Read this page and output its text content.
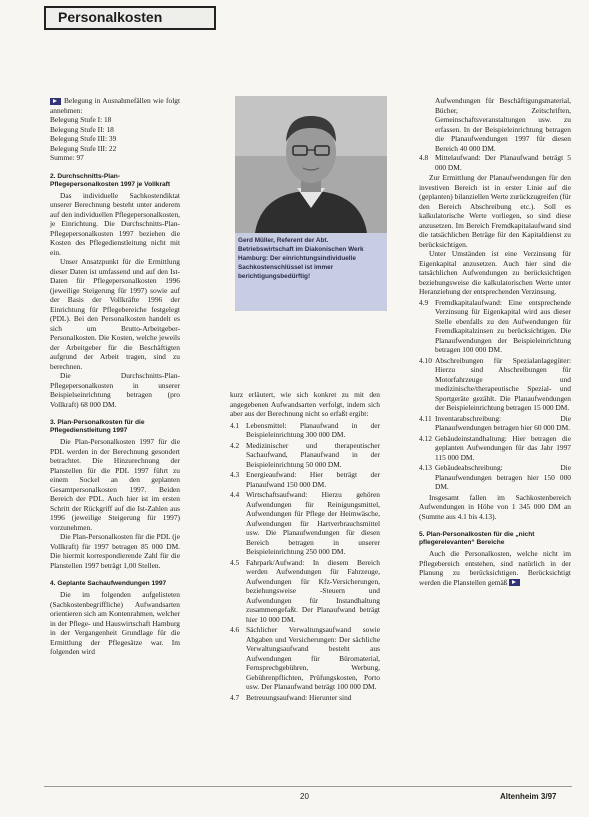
Personalkosten

Belegung in Ausnahmefällen wie folgt annehmen:

Belegung Stufe I: 18
Belegung Stufe II: 18
Belegung Stufe III: 39
Belegung Stufe III: 22
Summe: 97
2. Durchschnitts-Plan-Pflegepersonalkosten 1997 je Vollkraft

Das individuelle Sachkostendiktat unserer Berechnung besteht unter anderem auf den individuellen Pflegepersonalkosten, je Einrichtung. Die Durchschnitts-Plan-Pflegepersonalkosten 1997 beziehen die Kosten des Pflegedienstleitung nicht mit ein.

Unser Ansatzpunkt für die Ermittlung dieser Daten ist umfassend und auf den Ist-Daten für Pflegepersonalkosten 1996 (jeweilige Steigerung für 1997) sowie auf der Basis der Vollkräfte 1996 der Einrichtung für Pflegebereiche festgelegt (PDL). Bei den Personalkosten handelt es sich um Brutto-Arbeitgeber-Personalkosten. Die Kosten, welche jeweils der Arbeitgeber für die Beschäftigten aufgrund der Arbeit tragen, sind zu berechnen.

Die Durchschnitts-Plan-Pflegepersonalkosten in unserer Beispielseinrichtung betragen (pro Vollkraft) 68 000 DM.

3. Plan-Personalkosten für die Pflegedienstleitung 1997

Die Plan-Personalkosten 1997 für die PDL werden in der Berechnung gesondert betrachtet. Die Hinzurechnung der Planstellen für die PDL 1997 führt zu einem Sockel an den geplanten Gesamtpersonalkosten 1997. Beiden Bereich der PDL. Auch hier ist im ersten Schritt der Rückgriff auf die Ist-Zahlen aus 1996 (jeweilige Steigerung für 1997) vorzunehmen.

Die Plan-Personalkosten für die PDL (je Vollkraft) für 1997 betragen 85 000 DM. Die hiermit korrespondierende Zahl für die Planstellen 1997 beträgt 1,00 Stellen.

4. Geplante Sachaufwendungen 1997

Die im folgenden aufgelisteten (Sachkostenbegriffliche) Aufwandsarten orientieren sich am Kontenrahmen, welcher in der Pflege- und Hauswirtschaft Hamburg in der Vergangenheit Grundlage für die Ermittlung der Pflegesätze war. Im folgenden wird

Gerd Müller, Referent der Abt. Betriebswirtschaft im Diakonischen Werk Hamburg: Der einrichtungsindividuelle Sachkostenschlüssel ist immer berichtigungsbedürftig!

kurz erläutert, wie sich konkret zu mit den angegebenen Aufwandsarten verfolgt, indem sich aber aus der Berechnung nicht so erfaßt ergibt:

4.1 Lebensmittel: Planaufwand in der Beispieleinrichtung 300 000 DM.
4.2 Medizinischer und therapeutischer Sachaufwand, Planaufwand in der Beispieleinrichtung 50 000 DM.
4.3 Energieaufwand: Hier beträgt der Planaufwand 150 000 DM.
4.4 Wirtschaftsaufwand: Hierzu gehören Aufwendungen für Reinigungsmittel, Aufwendungen für Pflege der Heimwäsche, Aufwendungen für Hartverbrauchsmittel usw. Die Planaufwendungen für diesen Bereich betragen in unserer Beispieleinrichtung 250 000 DM.
4.5 Fahrpark/Aufwand: In diesem Bereich werden Aufwendungen für Fahrzeuge, Aufwendungen für Kfz-Versicherungen, beziehungsweise -Steuern und Aufwendungen für Instandhaltung zusammengefaßt. Der Planaufwand beträgt hier 10 000 DM.
4.6 Sächlicher Verwaltungsaufwand sowie Abgaben und Versicherungen: Der sächliche Verwaltungsaufwand besteht aus Aufwendungen für Büromaterial, Fernsprechgebühren, Werbung, Gebührenpflichten, Prüfungskosten, Porto usw. Der Planaufwand beträgt 100 000 DM.
4.7 Betreuungsaufwand: Hierunter sind

Aufwendungen für Beschäftigungsmaterial, Bücher, Zeitschriften, Gemeinschaftsveranstaltungen usw. zu erfassen. In der Beispieleinrichtung betragen die Planaufwendungen 1997 für diesen Bereich 40 000 DM.

4.8 Mittelaufwand: Der Planaufwand beträgt 5 000 DM.

Zur Ermittlung der Planaufwendungen für den investiven Bereich ist in erster Linie auf die (geplanten) bilanziellen Werte zurückzugreifen (für den Bereich Abschreibung etc.). Soll es kalkulatorische Werte vorliegen, so sind diese anzusetzen. Im Bereich Fremdkapitalaufwand sind die tatsächlichen Beträge für den Kapitaldienst zu berücksichtigen.

Unter Umständen ist eine Verzinsung für Eigenkapital anzusetzen. Auch hier sind die tatsächlichen Aufwendungen zu berücksichtigen beziehungsweise die kalkulatorischen Werte unter Heranziehung der entsprechenden Verzinsung.

4.9 Fremdkapitalaufwand: Eine entsprechende Verzinsung für Eigenkapital wird aus dieser Stelle ebenfalls zu den Aufwendungen für Fremdkapitalzinsen zu berücksichtigen. Die Planaufwendungen der Beispieleinrichtung betragen 100 000 DM.
4.10 Abschreibungen für Spezialanlagegüter: Hierzu sind Abschreibungen für Motorfahrzeuge und medizinische/therapeutische Spezial- und Sportgeräte gezählt. Die Planaufwendungen der Beispieleinrichtung betragen 15 000 DM.
4.11 Inventarabschreibung: Die Planaufwendungen betragen hier 60 000 DM.
4.12 Gebäudeinstandhaltung: Hier betragen die geplanten Aufwendungen für das Jahr 1997 115 000 DM.
4.13 Gebäudeabschreibung: Die Planaufwendungen betragen hier 150 000 DM.

Insgesamt fallen im Sachkostenbereich Aufwendungen in Höhe von 1 345 000 DM an (Summe aus 4.1 bis 4.13).

5. Plan-Personalkosten für die „nicht pflegerelevanten“ Bereiche

Auch die Personalkosten, welche nicht im Pflegebereich entstehen, sind natürlich in der Planung zu berücksichtigen. Berücksichtigt werden die Planstellen gemäß

20	Altenheim 3/97
